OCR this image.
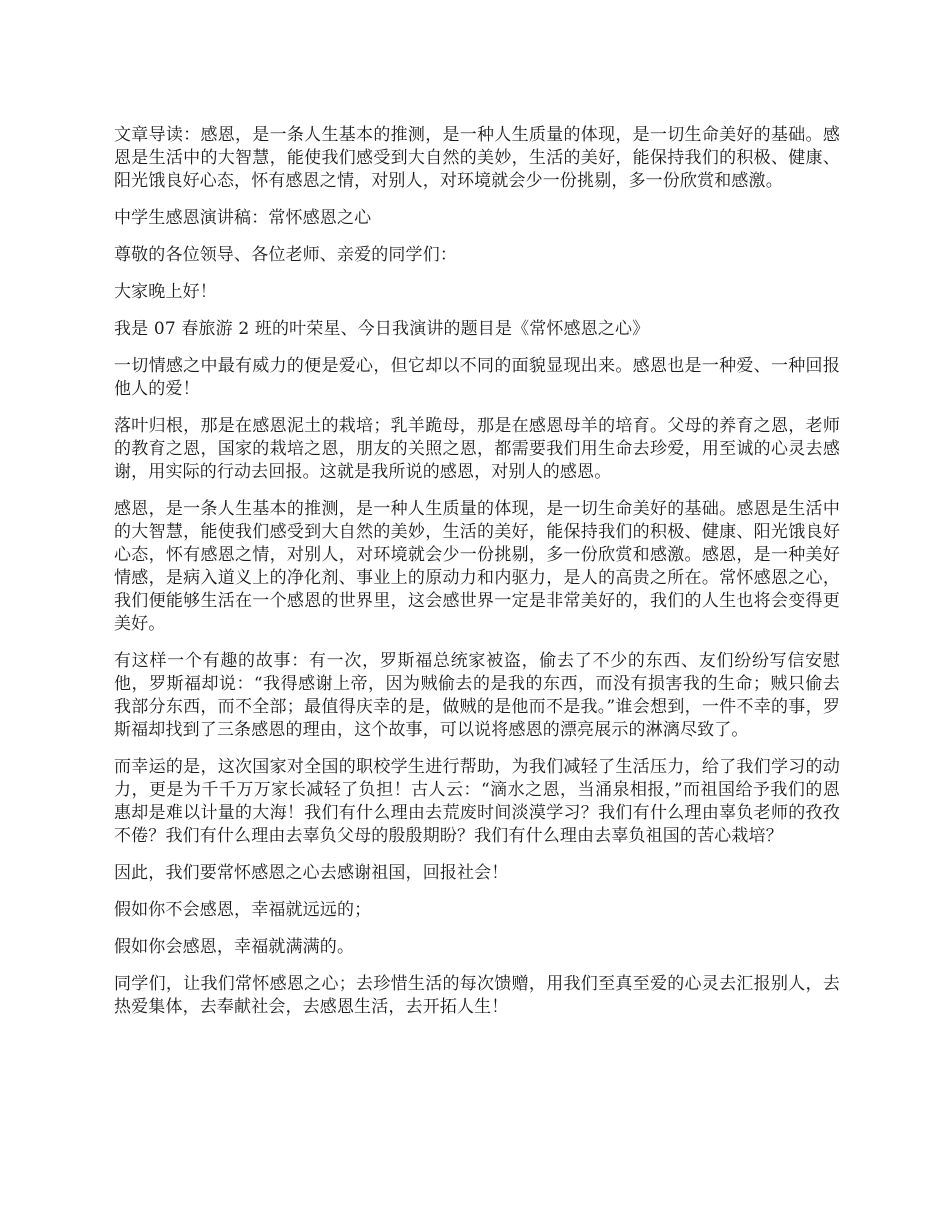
文章导读：感恩，是一条人生基本的推测，是一种人生质量的体现，是一切生命美好的基础。感恩是生活中的大智慧，能使我们感受到大自然的美妙，生活的美好，能保持我们的积极、健康、阳光饿良好心态，怀有感恩之情，对别人，对环境就会少一份挑剔，多一份欣赏和感激。

中学生感恩演讲稿：常怀感恩之心

尊敬的各位领导、各位老师、亲爱的同学们：

大家晚上好！

我是 07 春旅游 2 班的叶荣星、今日我演讲的题目是《常怀感恩之心》

一切情感之中最有威力的便是爱心，但它却以不同的面貌显现出来。感恩也是一种爱、一种回报他人的爱！

落叶归根，那是在感恩泥土的栽培；乳羊跪母，那是在感恩母羊的培育。父母的养育之恩，老师的教育之恩，国家的栽培之恩，朋友的关照之恩，都需要我们用生命去珍爱，用至诚的心灵去感谢，用实际的行动去回报。这就是我所说的感恩，对别人的感恩。

感恩，是一条人生基本的推测，是一种人生质量的体现，是一切生命美好的基础。感恩是生活中的大智慧，能使我们感受到大自然的美妙，生活的美好，能保持我们的积极、健康、阳光饿良好心态，怀有感恩之情，对别人，对环境就会少一份挑剔，多一份欣赏和感激。感恩，是一种美好情感，是病入道义上的净化剂、事业上的原动力和内驱力，是人的高贵之所在。常怀感恩之心，我们便能够生活在一个感恩的世界里，这会感世界一定是非常美好的，我们的人生也将会变得更美好。

有这样一个有趣的故事：有一次，罗斯福总统家被盗，偷去了不少的东西、友们纷纷写信安慰他，罗斯福却说：“我得感谢上帝，因为贼偷去的是我的东西，而没有损害我的生命；贼只偷去我部分东西，而不全部；最值得庆幸的是，做贼的是他而不是我。”谁会想到，一件不幸的事，罗斯福却找到了三条感恩的理由，这个故事，可以说将感恩的漂亮展示的淋漓尽致了。

而幸运的是，这次国家对全国的职校学生进行帮助，为我们减轻了生活压力，给了我们学习的动力，更是为千千万万家长减轻了负担！古人云：“滴水之恩，当涌泉相报，”而祖国给予我们的恩惠却是难以计量的大海！我们有什么理由去荒废时间淡漠学习？我们有什么理由辜负老师的孜孜不倦？我们有什么理由去辜负父母的殷殷期盼？我们有什么理由去辜负祖国的苦心栽培？

因此，我们要常怀感恩之心去感谢祖国，回报社会！

假如你不会感恩，幸福就远远的；

假如你会感恩，幸福就满满的。

同学们，让我们常怀感恩之心；去珍惜生活的每次馈赠，用我们至真至爱的心灵去汇报别人，去热爱集体，去奉献社会，去感恩生活，去开拓人生！
